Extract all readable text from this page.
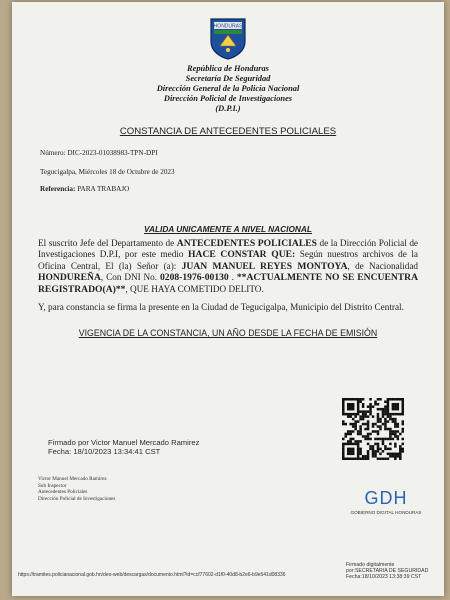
HONDURAS
República de Honduras
Secretaría De Seguridad
Dirección General de la Policía Nacional
Dirección Policial de Investigaciones
(D.P.I.)
CONSTANCIA DE ANTECEDENTES POLICIALES
Número: DIC-2023-01038983-TPN-DPI
Tegucigalpa, Miércoles 18 de Octubre de 2023
Referencia: PARA TRABAJO
VALIDA UNICAMENTE A NIVEL NACIONAL
El suscrito Jefe del Departamento de ANTECEDENTES POLICIALES de la Dirección Policial de Investigaciones D.P.I, por este medio HACE CONSTAR QUE: Según nuestros archivos de la Oficina Central, El (la) Señor (a): JUAN MANUEL REYES MONTOYA, de Nacionalidad HONDUREÑA, Con DNI No. 0208-1976-00130 . **ACTUALMENTE NO SE ENCUENTRA REGISTRADO(A)**, QUE HAYA COMETIDO DELITO.
Y, para constancia se firma la presente en la Ciudad de Tegucigalpa, Municipio del Distrito Central.
VIGENCIA DE LA CONSTANCIA, UN AÑO DESDE LA FECHA DE EMISIÓN
Firmado por Victor Manuel Mercado Ramirez
Fecha: 18/10/2023 13:34:41 CST
Victor Manuel Mercado Ramirez
Sub Inspector
Antecedentes Policiales
Dirección Policial de Investigaciones	GDH
GOBIERNO DIGITAL HONDURAS
https://tramites.policianacional.gob.hn/deo-web/descargas/documento.html?id=ccf77602-d1f0-40d8-b2e6-b9e541d08336
Firmado digitalmente
por:SECRETARIA DE SEGURIDAD
Fecha:18/10/2023 13:38:39 CST
